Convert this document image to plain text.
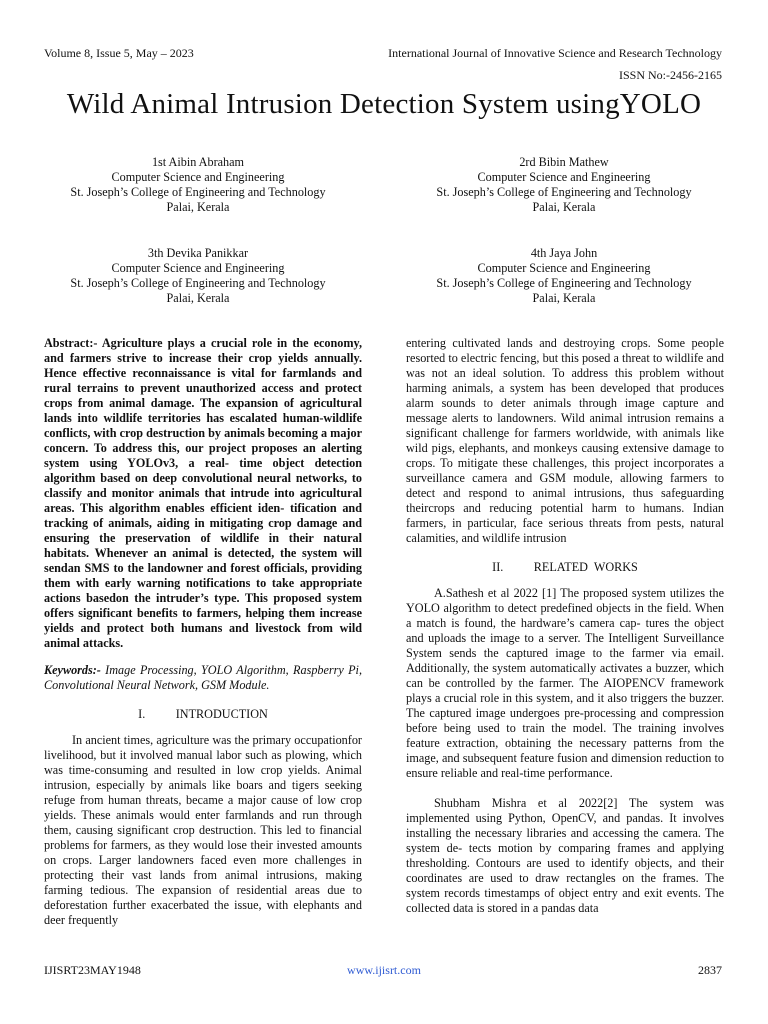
Volume 8, Issue 5, May – 2023	International Journal of Innovative Science and Research Technology
ISSN No:-2456-2165
Wild Animal Intrusion Detection System usingYOLO
1st Aibin Abraham
Computer Science and Engineering
St. Joseph’s College of Engineering and Technology
Palai, Kerala
2rd Bibin Mathew
Computer Science and Engineering
St. Joseph’s College of Engineering and Technology
Palai, Kerala
3th Devika Panikkar
Computer Science and Engineering
St. Joseph’s College of Engineering and Technology
Palai, Kerala
4th Jaya John
Computer Science and Engineering
St. Joseph’s College of Engineering and Technology
Palai, Kerala

Abstract:- Agriculture plays a crucial role in the economy, and farmers strive to increase their crop yields annually. Hence effective reconnaissance is vital for farmlands and rural terrains to prevent unauthorized access and protect crops from animal damage. The expansion of agricultural lands into wildlife territories has escalated human-wildlife conflicts, with crop destruction by animals becoming a major concern. To address this, our project proposes an alerting system using YOLOv3, a real- time object detection algorithm based on deep convolutional neural networks, to classify and monitor animals that intrude into agricultural areas. This algorithm enables efficient iden- tification and tracking of animals, aiding in mitigating crop damage and ensuring the preservation of wildlife in their natural habitats. Whenever an animal is detected, the system will sendan SMS to the landowner and forest officials, providing them with early warning notifications to take appropriate actions basedon the intruder’s type. This proposed system offers significant benefits to farmers, helping them increase yields and protect both humans and livestock from wild animal attacks.

Keywords:- Image Processing, YOLO Algorithm, Raspberry Pi, Convolutional Neural Network, GSM Module.

I.          INTRODUCTION

In ancient times, agriculture was the primary occupationfor livelihood, but it involved manual labor such as plowing, which was time-consuming and resulted in low crop yields. Animal intrusion, especially by animals like boars and tigers seeking refuge from human threats, became a major cause of low crop yields. These animals would enter farmlands and run through them, causing significant crop destruction. This led to financial problems for farmers, as they would lose their invested amounts on crops. Larger landowners faced even more challenges in protecting their vast lands from animal intrusions, making farming tedious. The expansion of residential areas due to deforestation further exacerbated the issue, with elephants and deer frequently

entering cultivated lands and destroying crops. Some people resorted to electric fencing, but this posed a threat to wildlife and was not an ideal solution. To address this problem without harming animals, a system has been developed that produces alarm sounds to deter animals through image capture and message alerts to landowners. Wild animal intrusion remains a significant challenge for farmers worldwide, with animals like wild pigs, elephants, and monkeys causing extensive damage to crops. To mitigate these challenges, this project incorporates a surveillance camera and GSM module, allowing farmers to detect and respond to animal intrusions, thus safeguarding theircrops and reducing potential harm to humans. Indian farmers, in particular, face serious threats from pests, natural calamities, and wildlife intrusion

II.          RELATED  WORKS

A.Sathesh et al 2022 [1] The proposed system utilizes the YOLO algorithm to detect predefined objects in the field. When a match is found, the hardware’s camera cap- tures the object and uploads the image to a server. The Intelligent Surveillance System sends the captured image to the farmer via email. Additionally, the system automatically activates a buzzer, which can be controlled by the farmer. The AIOPENCV framework plays a crucial role in this system, and it also triggers the buzzer. The captured image undergoes pre-processing and compression before being used to train the model. The training involves feature extraction, obtaining the necessary patterns from the image, and subsequent feature fusion and dimension reduction to ensure reliable and real-time performance.

Shubham Mishra et al 2022[2] The system was implemented using Python, OpenCV, and pandas. It involves installing the necessary libraries and accessing the camera. The system de- tects motion by comparing frames and applying thresholding. Contours are used to identify objects, and their coordinates are used to draw rectangles on the frames. The system records timestamps of object entry and exit events. The collected data is stored in a pandas data

IJISRT23MAY1948	www.ijisrt.com	2837
